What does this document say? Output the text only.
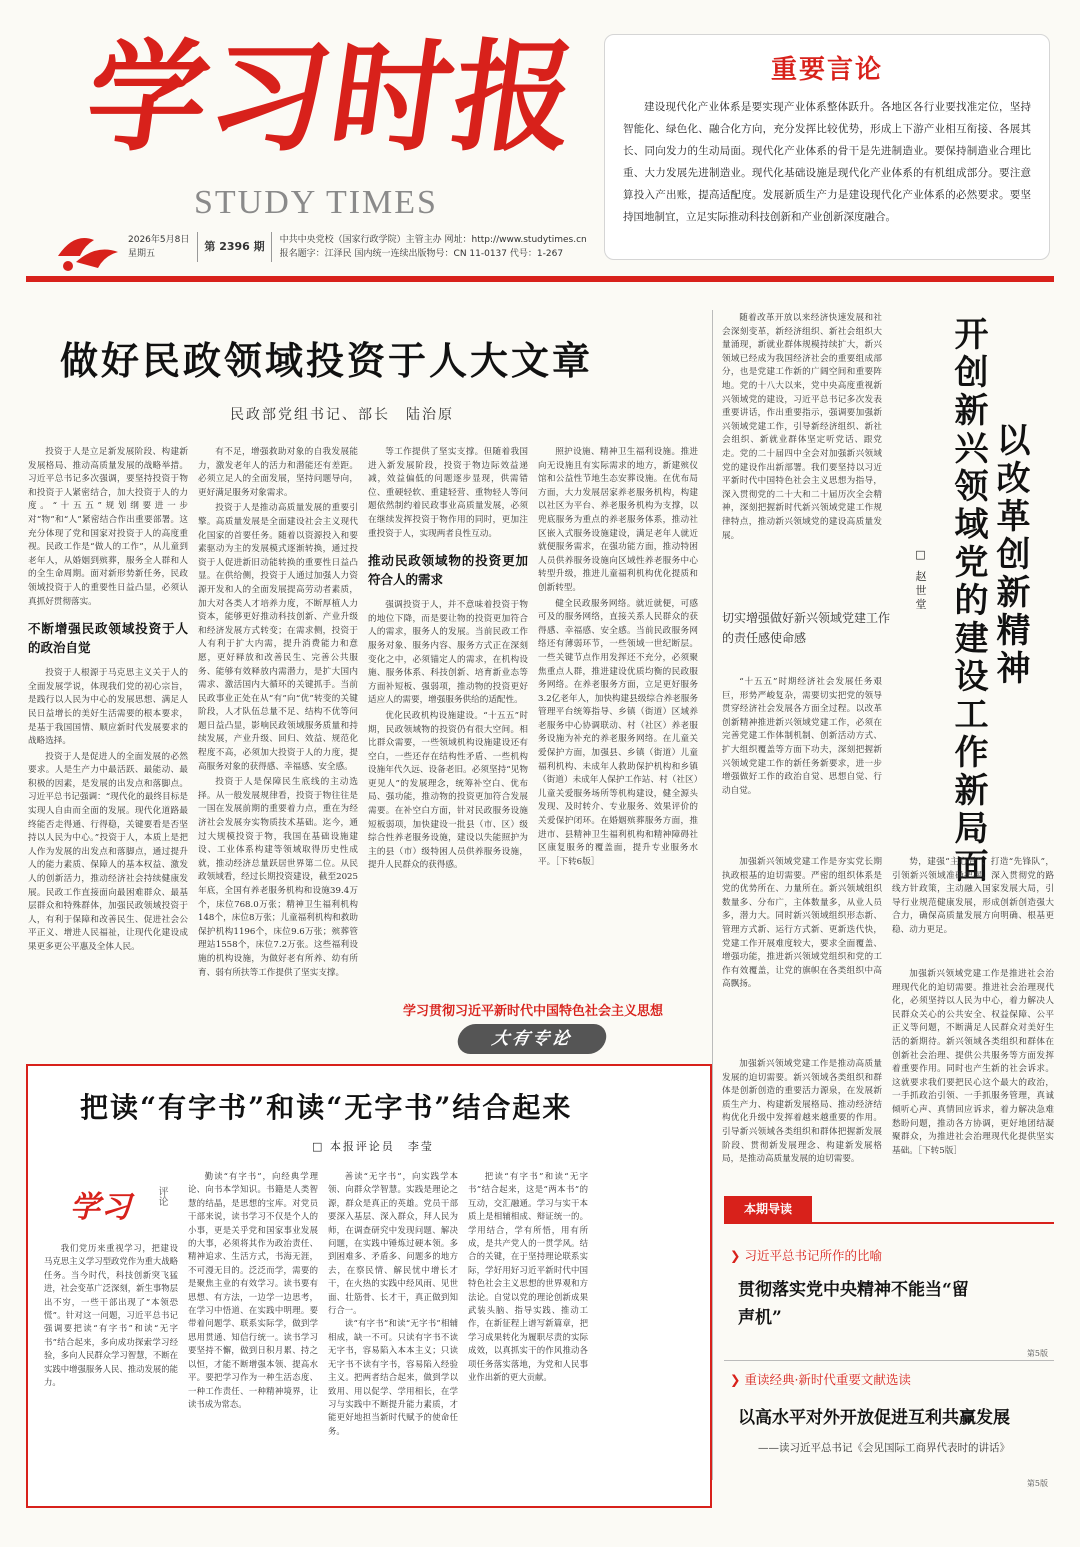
学习时报
STUDY TIMES
2026年5月8日
星期五
第 2396 期
中共中央党校（国家行政学院）主管主办 网址：http://www.studytimes.cn
报名题字：江泽民 国内统一连续出版物号：CN 11-0137 代号：1-267
重要言论
建设现代化产业体系是要实现产业体系整体跃升。各地区各行业要找准定位，坚持智能化、绿色化、融合化方向，充分发挥比较优势，形成上下游产业相互衔接、各展其长、同向发力的生动局面。现代化产业体系的骨干是先进制造业。要保持制造业合理比重、大力发展先进制造业。现代化基础设施是现代化产业体系的有机组成部分。要注意算投入产出账，提高适配度。发展新质生产力是建设现代化产业体系的必然要求。要坚持国地制宜，立足实际推动科技创新和产业创新深度融合。
做好民政领域投资于人大文章
民政部党组书记、部长　陆治原

投资于人是立足新发展阶段、构建新发展格局、推动高质量发展的战略举措。习近平总书记多次强调，要坚持投资于物和投资于人紧密结合，加大投资于人的力度。“十五五”规划纲要进一步对“物”和“人”紧密结合作出重要部署。这充分体现了党和国家对投资于人的高度重视。民政工作是“做人的工作”，从儿童到老年人，从婚姻到殡葬，服务全人群和人的全生命周期。面对新形势新任务，民政领域投资于人的重要性日益凸显，必须认真抓好贯彻落实。

不断增强民政领域投资于人的政治自觉

投资于人根源于马克思主义关于人的全面发展学说，体现我们党的初心宗旨，是践行以人民为中心的发展思想、满足人民日益增长的美好生活需要的根本要求，是基于我国国情、顺应新时代发展要求的战略选择。

投资于人是促进人的全面发展的必然要求。人是生产力中最活跃、最能动、最积极的因素，是发展的出发点和落脚点。习近平总书记强调：“现代化的最终目标是实现人自由而全面的发展。现代化道路最终能否走得通、行得稳，关键要看是否坚持以人民为中心。”投资于人，本质上是把人作为发展的出发点和落脚点，通过提升人的能力素质、保障人的基本权益、激发人的创新活力，推动经济社会持续健康发展。民政工作直接面向最困难群众、最基层群众和特殊群体，加强民政领域投资于人，有利于保障和改善民生、促进社会公平正义、增进人民福祉，让现代化建设成果更多更公平惠及全体人民。

有不足，增强救助对象的自我发展能力，激发老年人的活力和潜能还有差距。必须立足人的全面发展，坚持问题导向，更好满足服务对象需求。

投资于人是推动高质量发展的重要引擎。高质量发展是全面建设社会主义现代化国家的首要任务。随着以资源投入和要素驱动为主的发展模式逐渐转换，通过投资于人促进新旧动能转换的重要性日益凸显。在供给侧，投资于人通过加强人力资源开发和人的全面发展提高劳动者素质，加大对各类人才培养力度，不断厚植人力资本，能够更好推动科技创新、产业升级和经济发展方式转变；在需求侧，投资于人有利于扩大内需，提升消费能力和意愿，更好释放和改善民生、完善公共服务、能够有效释放内需潜力，是扩大国内需求、激活国内大循环的关键抓手。当前民政事业正处在从“有”向“优”转变的关键阶段，人才队伍总量不足、结构不优等问题日益凸显，影响民政领域服务质量和持续发展，产业升级、回归、效益、规范化程度不高，必须加大投资于人的力度，提高服务对象的获得感、幸福感、安全感。

投资于人是保障民生底线的主动选择。从一般发展规律看，投资于物往往是一国在发展前期的重要着力点，重在为经济社会发展夯实物质技术基础。迄今，通过大规模投资于物，我国在基础设施建设、工业体系构建等领域取得历史性成就，推动经济总量跃居世界第二位。从民政领域看，经过长期投资建设，截至2025年底，全国有养老服务机构和设施39.4万个，床位768.0万张；精神卫生福利机构148个，床位8万张；儿童福利机构和救助保护机构1196个，床位9.6万张；殡葬管理站1558个，床位7.2万张。这些福利设施的机构设施，为做好老有所养、幼有所育、弱有所扶等工作提供了坚实支撑。

等工作提供了坚实支撑。但随着我国进入新发展阶段，投资于物边际效益递减，效益偏低的问题逐步显现，供需错位、重硬轻软、重建轻营、重物轻人等问题依然制约着民政事业高质量发展，必须在继续发挥投资于物作用的同时，更加注重投资于人，实现两者良性互动。

推动民政领域物的投资更加符合人的需求

强调投资于人，并不意味着投资于物的地位下降，而是要让物的投资更加符合人的需求，服务人的发展。当前民政工作服务对象、服务内容、服务方式正在深刻变化之中，必须锚定人的需求，在机构设施、服务体系、科技创新、培育新业态等方面补短板、强弱项，推动物的投资更好适应人的需要，增强服务供给的适配性。

优化民政机构设施建设。“十五五”时期，民政领域物的投资仍有很大空间。相比群众需要，一些领域机构设施建设还有空白，一些还存在结构性矛盾、一些机构设施年代久远、设备老旧。必须坚持“见物更见人”的发展理念，统筹补空白、优布局、强功能，推动物的投资更加符合发展需要。在补空白方面，针对民政服务设施短板弱项，加快建设一批县（市、区）级综合性养老服务设施，建设以失能照护为主的县（市）级特困人员供养服务设施，提升人民群众的获得感。

照护设施、精神卫生福利设施。推进向无设施且有实际需求的地方，新建殡仪馆和公益性节地生态安葬设施。在优布局方面，大力发展居家养老服务机构，构建以社区为平台、养老服务机构为支撑，以兜底服务为重点的养老服务体系，推动社区嵌入式服务设施建设，满足老年人就近就便服务需求，在强功能方面，推动特困人员供养服务设施向区域性养老服务中心转型升级，推进儿童福利机构优化提质和创新转型。

健全民政服务网络。就近就便，可感可及的服务网络，直接关系人民群众的获得感、幸福感、安全感。当前民政服务网络还有薄弱环节，一些领域一世纪断层。一些关键节点作用发挥还不充分，必须聚焦重点人群，推进建设优质均衡的民政服务网络。在养老服务方面，立足更好服务3.2亿老年人，加快构建县级综合养老服务管理平台统筹指导、乡镇（街道）区域养老服务中心协调联动、村（社区）养老服务设施为补充的养老服务网络。在儿童关爱保护方面，加强县、乡镇（街道）儿童福利机构、未成年人救助保护机构和乡镇（街道）未成年人保护工作站、村（社区）儿童关爱服务场所等机构建设，健全源头发现、及时转介、专业服务、效果评价的关爱保护闭环。在婚姻殡葬服务方面，推进市、县精神卫生福利机构和精神障碍社区康复服务的覆盖面，提升专业服务水平。［下转6版］

学习贯彻习近平新时代中国特色社会主义思想
大有专论
以改革创新精神
开创新兴领域党的建设工作新局面
□ 赵世堂

随着改革开放以来经济快速发展和社会深刻变革，新经济组织、新社会组织大量涌现，新就业群体规模持续扩大，新兴领域已经成为我国经济社会的重要组成部分，也是党建工作新的广阔空间和重要阵地。党的十八大以来，党中央高度重视新兴领域党的建设，习近平总书记多次发表重要讲话，作出重要指示，强调要加强新兴领域党建工作，引导新经济组织、新社会组织、新就业群体坚定听党话、跟党走。党的二十届四中全会对加强新兴领域党的建设作出新部署。我们要坚持以习近平新时代中国特色社会主义思想为指导，深入贯彻党的二十大和二十届历次全会精神，深刻把握新时代新兴领域党建工作规律特点，推动新兴领域党的建设高质量发展。

切实增强做好新兴领域党建工作的责任感使命感

“十五五”时期经济社会发展任务艰巨，形势严峻复杂，需要切实把党的领导贯穿经济社会发展各方面全过程。以改革创新精神推进新兴领域党建工作，必须在完善党建工作体制机制、创新活动方式、扩大组织覆盖等方面下功夫，深刻把握新兴领域党建工作的新任务新要求，进一步增强做好工作的政治自觉、思想自觉、行动自觉。

加强新兴领域党建工作是夯实党长期执政根基的迫切需要。严密的组织体系是党的优势所在、力量所在。新兴领域组织数量多、分布广，主体数量多，从业人员多，潜力大。同时新兴领域组织形态新、管理方式新、运行方式新、更新迭代快，党建工作开展难度较大，要求全面覆盖、增强功能，推进新兴领域党组织和党的工作有效覆盖，让党的旗帜在各类组织中高高飘扬。

加强新兴领域党建工作是推动高质量发展的迫切需要。新兴领域各类组织和群体是创新创造的重要活力源泉，在发展新质生产力、构建新发展格局、推动经济结构优化升级中发挥着越来越重要的作用。引导新兴领域各类组织和群体把握新发展阶段、贯彻新发展理念、构建新发展格局，是推动高质量发展的迫切需要。

势，建强“主心骨”、打造“先锋队”，引领新兴领域准确把握、深入贯彻党的路线方针政策，主动融入国家发展大局，引导行业规范健康发展，形成创新创造强大合力，确保高质量发展方向明确、根基更稳、动力更足。

加强新兴领域党建工作是推进社会治理现代化的迫切需要。推进社会治理现代化，必须坚持以人民为中心，着力解决人民群众关心的公共安全、权益保障、公平正义等问题，不断满足人民群众对美好生活的新期待。新兴领域各类组织和群体在创新社会治理、提供公共服务等方面发挥着重要作用。同时也产生新的社会诉求。这就要求我们要把民心这个最大的政治，一手抓政治引领、一手抓服务管理，真诚倾听心声、真情回应诉求，着力解决急难愁盼问题，推动各方协调，更好地团结凝聚群众，为推进社会治理现代化提供坚实基础。［下转5版］

把读“有字书”和读“无字书”结合起来
□ 本报评论员　李莹
学习 评论

我们党历来重视学习，把建设马克思主义学习型政党作为重大战略任务。当今时代，科技创新突飞猛进，社会变革广泛深刻，新生事物层出不穷，一些干部出现了“本领恐慌”。针对这一问题，习近平总书记强调要把读“有字书”和读“无字书”结合起来，多向成功探索学习经验，多向人民群众学习智慧，不断在实践中增强服务人民、推动发展的能力。

勤读“有字书”，向经典学理论、向书本学知识。书籍是人类智慧的结晶，是思想的宝库。对党员干部来说，读书学习不仅是个人的小事，更是关乎党和国家事业发展的大事，必须将其作为政治责任、精神追求、生活方式，书海无涯，不可漫无目的。泛泛而学，需要的是聚焦主业的有效学习。读书要有思想、有方法，一边学一边思考，在学习中悟道、在实践中明理。要带着问题学、联系实际学，做到学思用贯通、知信行统一。读书学习要坚持不懈，做到日积月累、持之以恒，才能不断增强本领、提高水平。要把学习作为一种生活态度、一种工作责任、一种精神境界，让读书成为常态。

善读“无字书”，向实践学本领、向群众学智慧。实践是理论之源，群众是真正的英雄。党员干部要深入基层、深入群众，拜人民为师，在调查研究中发现问题、解决问题，在实践中锤炼过硬本领。多到困难多、矛盾多、问题多的地方去，在察民情、解民忧中增长才干，在火热的实践中经风雨、见世面、壮筋骨、长才干，真正做到知行合一。

读“有字书”和读“无字书”相辅相成，缺一不可。只读有字书不读无字书，容易陷入本本主义；只读无字书不读有字书，容易陷入经验主义。把两者结合起来，做到学以致用、用以促学、学用相长，在学习与实践中不断提升能力素质，才能更好地担当新时代赋予的使命任务。

把读“有字书”和读“无字书”结合起来，这是“两本书”的互动，交汇融通。学习与实干本质上是相辅相成、辩证统一的。学用结合，学有所悟，用有所成，是共产党人的一贯学风。结合的关键，在于坚持理论联系实际，学好用好习近平新时代中国特色社会主义思想的世界观和方法论。自觉以党的理论创新成果武装头脑、指导实践、推动工作，在新征程上谱写新篇章，把学习成果转化为履职尽责的实际成效，以真抓实干的作风推动各项任务落实落地，为党和人民事业作出新的更大贡献。

本期导读
❯ 习近平总书记所作的比喻
贯彻落实党中央精神不能当“留声机”
第5版
❯ 重读经典·新时代重要文献选读
以高水平对外开放促进互利共赢发展
——读习近平总书记《会见国际工商界代表时的讲话》
第5版
